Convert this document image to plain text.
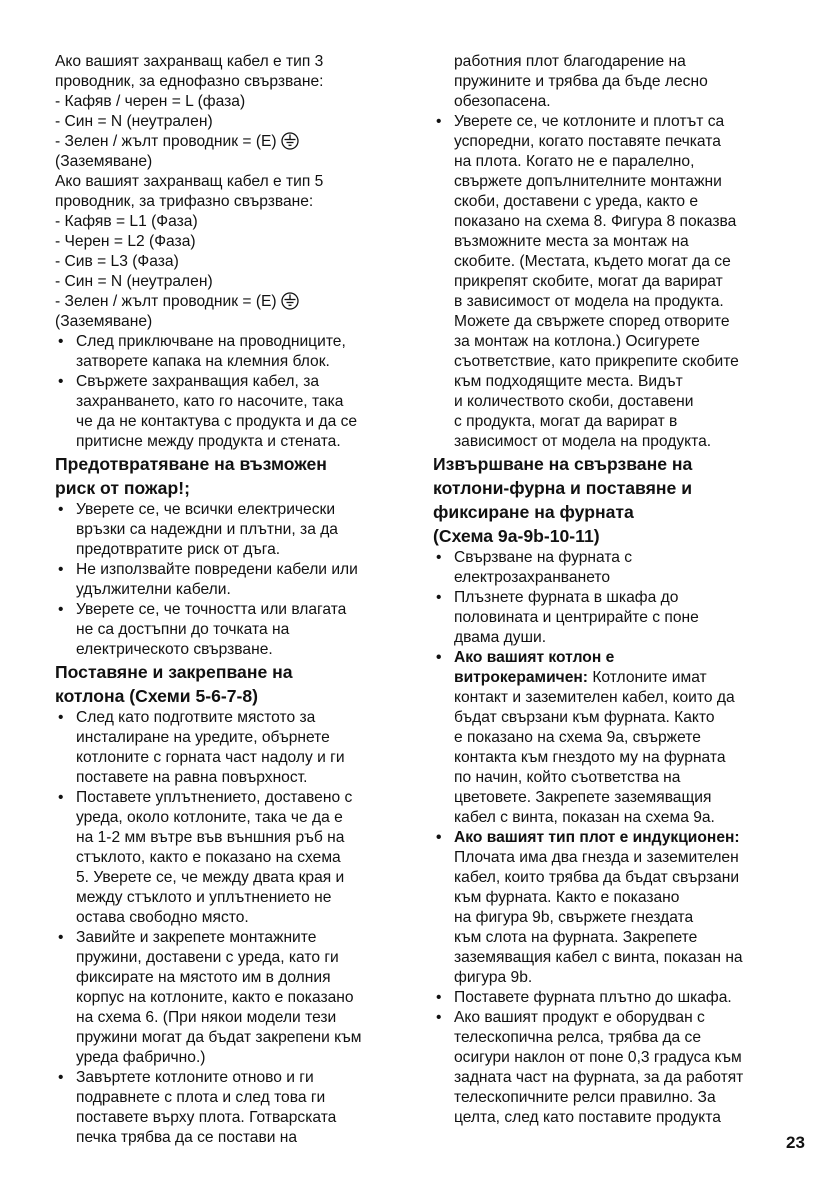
Ако вашият захранващ кабел е тип 3
проводник, за еднофазно свързване:
- Кафяв / черен = L (фаза)
- Син = N (неутрален)
- Зелен / жълт проводник = (E)
(Заземяване)
Ако вашият захранващ кабел е тип 5
проводник, за трифазно свързване:
- Кафяв = L1 (Фаза)
- Черен = L2 (Фаза)
- Сив = L3 (Фаза)
- Син = N (неутрален)
- Зелен / жълт проводник = (E)
(Заземяване)
• След приключване на проводниците,
затворете капака на клемния блок.
• Свържете захранващия кабел, за
захранването, като го насочите, така
че да не контактува с продукта и да се
притисне между продукта и стената.
Предотвратяване на възможен
риск от пожар!;
• Уверете се, че всички електрически
връзки са надеждни и плътни, за да
предотвратите риск от дъга.
• Не използвайте повредени кабели или
удължителни кабели.
• Уверете се, че точността или влагата
не са достъпни до точката на
електрическото свързване.
Поставяне и закрепване на
котлона (Схеми 5-6-7-8)
• След като подготвите мястото за
инсталиране на уредите, обърнете
котлоните с горната част надолу и ги
поставете на равна повърхност.
• Поставете уплътнението, доставено с
уреда, около котлоните, така че да е
на 1-2 мм вътре във външния ръб на
стъклото, както е показано на схема
5. Уверете се, че между двата края и
между стъклото и уплътнението не
остава свободно място.
• Завийте и закрепете монтажните
пружини, доставени с уреда, като ги
фиксирате на мястото им в долния
корпус на котлоните, както е показано
на схема 6. (При някои модели тези
пружини могат да бъдат закрепени към
уреда фабрично.)
• Завъртете котлоните отново и ги
подравнете с плота и след това ги
поставете върху плота. Готварската
печка трябва да се постави на
работния плот благодарение на
пружините и трябва да бъде лесно
обезопасена.
• Уверете се, че котлоните и плотът са
успоредни, когато поставяте печката
на плота. Когато не е паралелно,
свържете допълнителните монтажни
скоби, доставени с уреда, както е
показано на схема 8. Фигура 8 показва
възможните места за монтаж на
скобите. (Местата, където могат да се
прикрепят скобите, могат да варират
в зависимост от модела на продукта.
Можете да свържете според отворите
за монтаж на котлона.) Осигурете
съответствие, като прикрепите скобите
към подходящите места. Видът
и количеството скоби, доставени
с продукта, могат да варират в
зависимост от модела на продукта.
Извършване на свързване на
котлони-фурна и поставяне и
фиксиране на фурната
(Схема 9a-9b-10-11)
• Свързване на фурната с
електрозахранването
• Плъзнете фурната в шкафа до
половината и центрирайте с поне
двама души.
• Ако вашият котлон е
витрокерамичен: Котлоните имат
контакт и заземителен кабел, които да
бъдат свързани към фурната. Както
е показано на схема 9a, свържете
контакта към гнездото му на фурната
по начин, който съответства на
цветовете. Закрепете заземяващия
кабел с винта, показан на схема 9a.
• Ако вашият тип плот е индукционен:
Плочата има два гнезда и заземителен
кабел, които трябва да бъдат свързани
към фурната. Както е показано
на фигура 9b, свържете гнездата
към слота на фурната. Закрепете
заземяващия кабел с винта, показан на
фигура 9b.
• Поставете фурната плътно до шкафа.
• Ако вашият продукт е оборудван с
телескопична релса, трябва да се
осигури наклон от поне 0,3 градуса към
задната част на фурната, за да работят
телескопичните релси правилно. За
целта, след като поставите продукта
23
